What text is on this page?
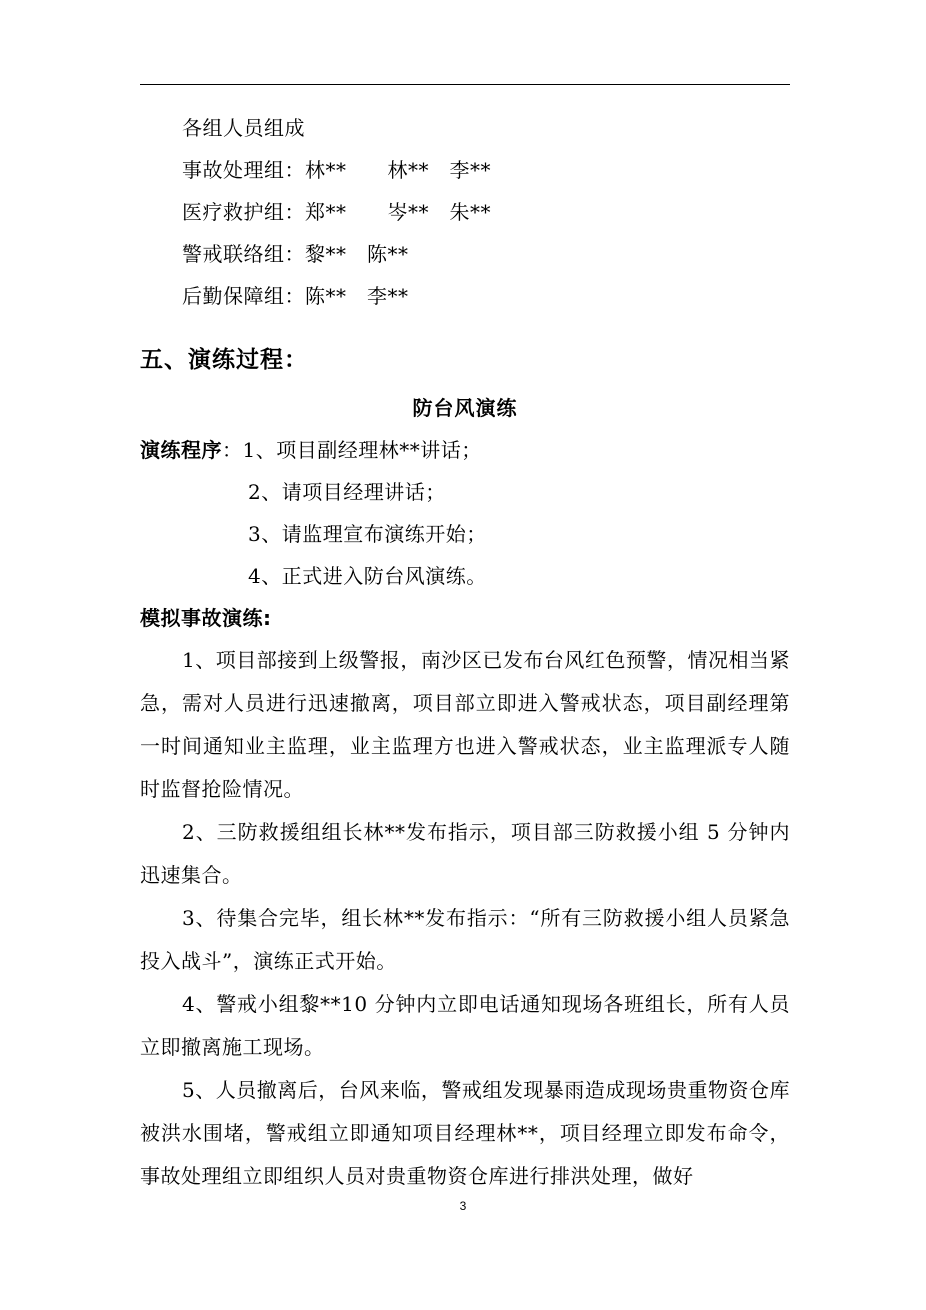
各组人员组成
事故处理组：林**　　林**　李**
医疗救护组：郑**　　岑**　朱**
警戒联络组：黎**　陈**
后勤保障组：陈**　李**
五、演练过程：
防台风演练
演练程序：1、项目副经理林**讲话；
2、请项目经理讲话；
3、请监理宣布演练开始；
4、正式进入防台风演练。
模拟事故演练:
1、项目部接到上级警报，南沙区已发布台风红色预警，情况相当紧急，需对人员进行迅速撤离，项目部立即进入警戒状态，项目副经理第一时间通知业主监理，业主监理方也进入警戒状态，业主监理派专人随时监督抢险情况。
2、三防救援组组长林**发布指示，项目部三防救援小组 5 分钟内迅速集合。
3、待集合完毕，组长林**发布指示：“所有三防救援小组人员紧急投入战斗”，演练正式开始。
4、警戒小组黎**10 分钟内立即电话通知现场各班组长，所有人员立即撤离施工现场。
5、人员撤离后，台风来临，警戒组发现暴雨造成现场贵重物资仓库被洪水围堵，警戒组立即通知项目经理林**，项目经理立即发布命令，事故处理组立即组织人员对贵重物资仓库进行排洪处理，做好
3
